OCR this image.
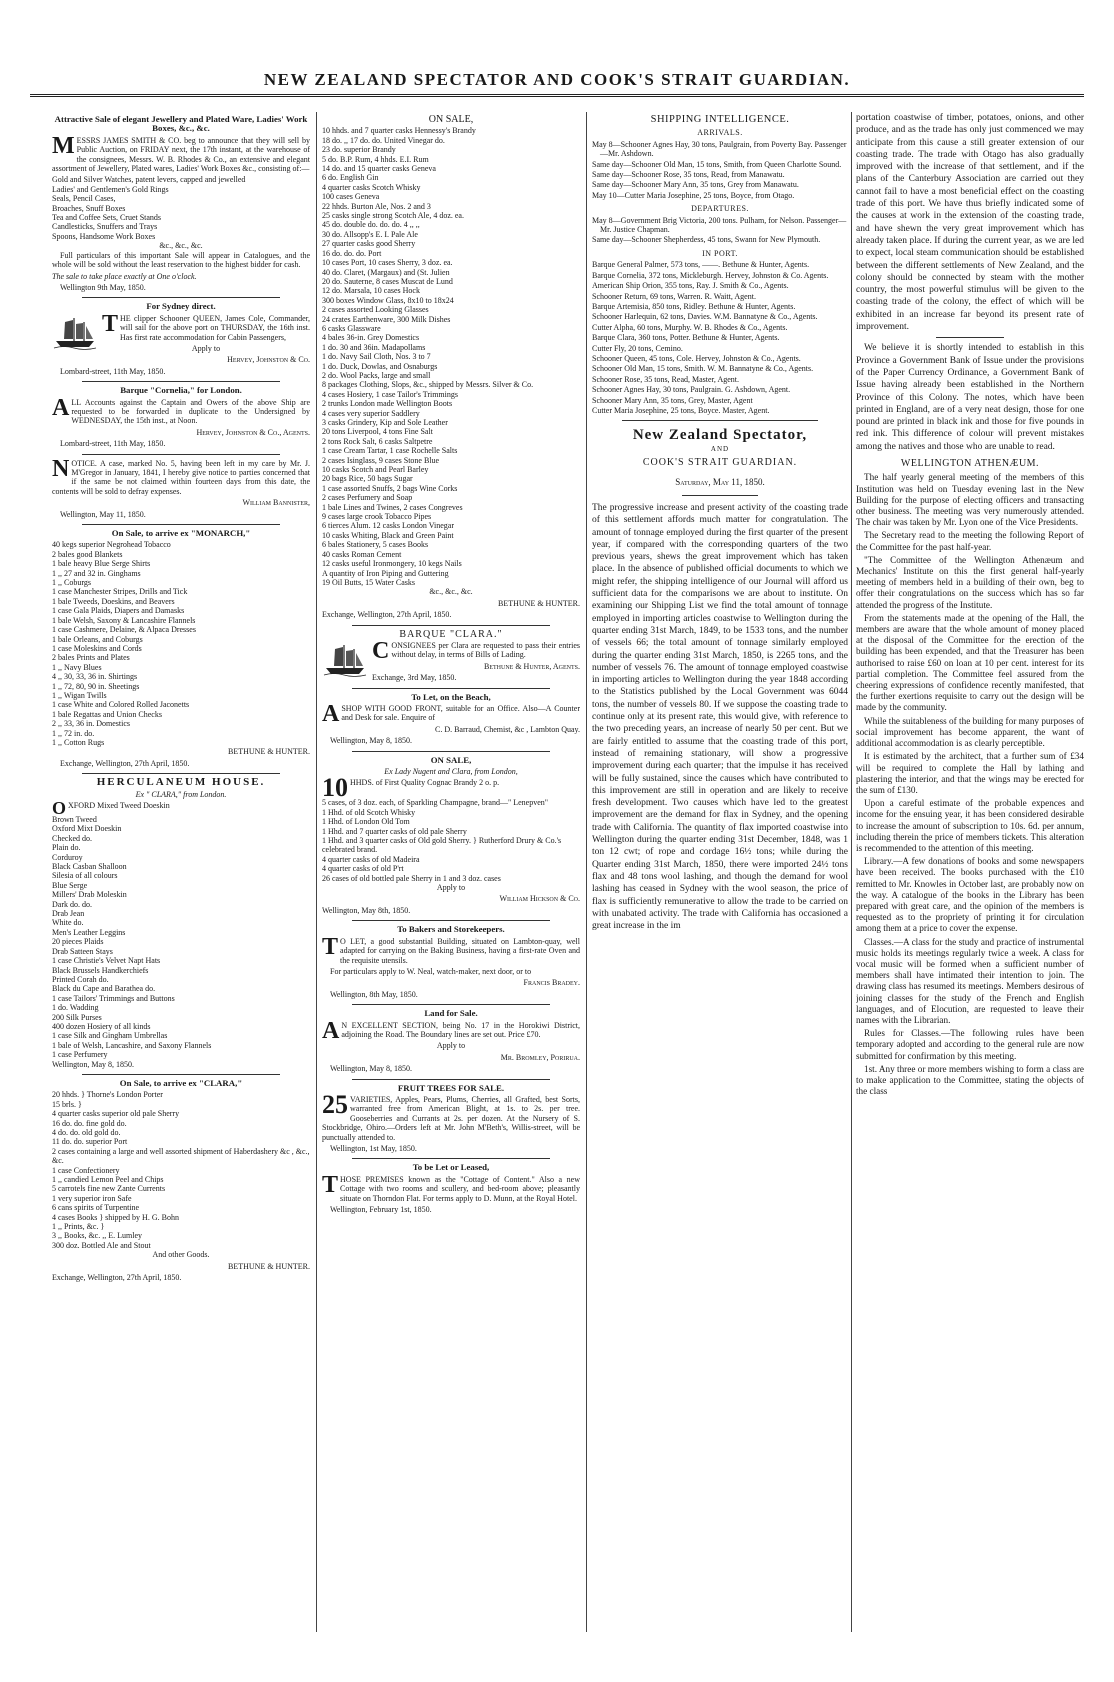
NEW ZEALAND SPECTATOR AND COOK'S STRAIT GUARDIAN.
Attractive Sale of elegant Jewellery and Plated Ware, Ladies' Work Boxes, &c., &c.

MESSRS JAMES SMITH & CO. beg to announce that they will sell by Public Auction, on FRIDAY next, the 17th instant, at the warehouse of the consignees, Messrs. W. B. Rhodes & Co., an extensive and elegant assortment of Jewellery, Plated wares, Ladies' Work Boxes &c., consisting of:—

Gold and Silver Watches, patent levers, capped and jewelled
Ladies' and Gentlemen's Gold Rings
Seals, Pencil Cases,
Broaches, Snuff Boxes
Tea and Coffee Sets, Cruet Stands
Candlesticks, Snuffers and Trays
Spoons, Handsome Work Boxes
&c., &c., &c.

Full particulars of this important Sale will appear in Catalogues, and the whole will be sold without the least reservation to the highest bidder for cash.

The sale to take place exactly at One o'clock.

Wellington 9th May, 1850.

For Sydney direct.

THE clipper Schooner QUEEN, James Cole, Commander, will sail for the above port on THURSDAY, the 16th inst. Has first rate accommodation for Cabin Passengers,

Apply to

Hervey, Johnston & Co.

Lombard-street, 11th May, 1850.

Barque "Cornelia," for London.

ALL Accounts against the Captain and Owers of the above Ship are requested to be forwarded in duplicate to the Undersigned by WEDNESDAY, the 15th inst., at Noon.

Hervey, Johnston & Co., Agents.

Lombard-street, 11th May, 1850.

NOTICE. A case, marked No. 5, having been left in my care by Mr. J. M'Gregor in January, 1841, I hereby give notice to parties concerned that if the same be not claimed within fourteen days from this date, the contents will be sold to defray expenses.

William Bannister,

Wellington, May 11, 1850.

On Sale, to arrive ex "MONARCH,"
40 kegs superior Negrohead Tobacco
2 bales good Blankets
1 bale heavy Blue Serge Shirts
1 ,, 27 and 32 in. Ginghams
1 ,, Coburgs
1 case Manchester Stripes, Drills and Tick
1 bale Tweeds, Doeskins, and Beavers
1 case Gala Plaids, Diapers and Damasks
1 bale Welsh, Saxony & Lancashire Flannels
1 case Cashmere, Delaine, & Alpaca Dresses
1 bale Orleans, and Coburgs
1 case Moleskins and Cords
2 bales Prints and Plates
1 ,, Navy Blues
4 ,, 30, 33, 36 in. Shirtings
1 ,, 72, 80, 90 in. Sheetings
1 ,, Wigan Twills
1 case White and Colored Rolled Jaconetts
1 bale Regattas and Union Checks
2 ,, 33, 36 in. Domestics
1 ,, 72 in. do.
1 ,, Cotton Rugs

BETHUNE & HUNTER.

Exchange, Wellington, 27th April, 1850.

HERCULANEUM HOUSE.
Ex " CLARA," from London.
OXFORD Mixed Tweed Doeskin
Brown Tweed
Oxford Mixt Doeskin
Checked do.
Plain do.
Corduroy
Black Casban Shalloon
Silesia of all colours
Blue Serge
Millers' Drab Moleskin
Dark do. do.
Drab Jean
White do.
Men's Leather Leggins
20 pieces Plaids
Drab Satteen Stays
1 case Christie's Velvet Napt Hats
Black Brussels Handkerchiefs
Printed Corah do.
Black du Cape and Barathea do.
1 case Tailors' Trimmings and Buttons
1 do. Wadding
200 Silk Purses
400 dozen Hosiery of all kinds
1 case Silk and Gingham Umbrellas
1 bale of Welsh, Lancashire, and Saxony Flannels
1 case Perfumery

Wellington, May 8, 1850.

On Sale, to arrive ex "CLARA,"
20 hhds. } Thorne's London Porter
15 brls. }
4 quarter casks superior old pale Sherry
16 do. do. fine gold do.
4 do. do. old gold do.
11 do. do. superior Port
2 cases containing a large and well assorted shipment of Haberdashery &c , &c., &c.
1 case Confectionery
1 ,, candied Lemon Peel and Chips
5 carrotels fine new Zante Currents
1 very superior iron Safe
6 cans spirits of Turpentine
4 cases Books } shipped by H. G. Bohn
1 ,, Prints, &c. }
3 ,, Books, &c. ,, E. Lumley
300 doz. Bottled Ale and Stout

And other Goods.

BETHUNE & HUNTER.

Exchange, Wellington, 27th April, 1850.

ON SALE,
10 hhds. and 7 quarter casks Hennessy's Brandy
18 do. ,, 17 do. do. United Vinegar do.
23 do. superior Brandy
5 do. B.P. Rum, 4 hhds. E.I. Rum
14 do. and 15 quarter casks Geneva
6 do. English Gin
4 quarter casks Scotch Whisky
100 cases Geneva
22 hhds. Burton Ale, Nos. 2 and 3
25 casks single strong Scotch Ale, 4 doz. ea.
45 do. double do. do. do. 4 ,, ,,
30 do. Allsopp's E. I. Pale Ale
27 quarter casks good Sherry
16 do. do. do. Port
10 cases Port, 10 cases Sherry, 3 doz. ea.
40 do. Claret, (Margaux) and (St. Julien
20 do. Sauterne, 8 cases Muscat de Lund
12 do. Marsala, 10 cases Hock
300 boxes Window Glass, 8x10 to 18x24
2 cases assorted Looking Glasses
24 crates Earthenware, 300 Milk Dishes
6 casks Glassware
4 bales 36-in. Grey Domestics
1 do. 30 and 36in. Madapollams
1 do. Navy Sail Cloth, Nos. 3 to 7
1 do. Duck, Dowlas, and Osnaburgs
2 do. Wool Packs, large and small
8 packages Clothing, Slops, &c., shipped by Messrs. Silver & Co.
4 cases Hosiery, 1 case Tailor's Trimmings
2 trunks London made Wellington Boots
4 cases very superior Saddlery
3 casks Grindery, Kip and Sole Leather
20 tons Liverpool, 4 tons Fine Salt
2 tons Rock Salt, 6 casks Saltpetre
1 case Cream Tartar, 1 case Rochelle Salts
2 cases Isinglass, 9 cases Stone Blue
10 casks Scotch and Pearl Barley
20 bags Rice, 50 bags Sugar
1 case assorted Snuffs, 2 bags Wine Corks
2 cases Perfumery and Soap
1 bale Lines and Twines, 2 cases Congreves
9 cases large crook Tobacco Pipes
6 tierces Alum. 12 casks London Vinegar
10 casks Whiting, Black and Green Paint
6 bales Stationery, 5 cases Books
40 casks Roman Cement
12 casks useful Ironmongery, 10 kegs Nails
A quantity of Iron Piping and Guttering
19 Oil Butts, 15 Water Casks

&c., &c., &c.

BETHUNE & HUNTER.

Exchange, Wellington, 27th April, 1850.

BARQUE "CLARA."

CONSIGNEES per Clara are requested to pass their entries without delay, in terms of Bills of Lading.

Bethune & Hunter, Agents.

Exchange, 3rd May, 1850.

To Let, on the Beach,

ASHOP WITH GOOD FRONT, suitable for an Office. Also—A Counter and Desk for sale. Enquire of

C. D. Barraud, Chemist, &c , Lambton Quay.

Wellington, May 8, 1850.

ON SALE,
Ex Lady Nugent and Clara, from London,

10 HHDS. of First Quality Cognac Brandy 2 o. p.

5 cases, of 3 doz. each, of Sparkling Champagne, brand—" Lenepven"
1 Hhd. of old Scotch Whisky
1 Hhd. of London Old Tom
1 Hhd. and 7 quarter casks of old pale Sherry
1 Hhd. and 3 quarter casks of Old gold Sherry. } Rutherford Drury & Co.'s celebrated brand.
4 quarter casks of old Madeira
4 quarter casks of old P'rt
26 cases of old bottled pale Sherry in 1 and 3 doz. cases

Apply to

William Hickson & Co.

Wellington, May 8th, 1850.

To Bakers and Storekeepers.

T O LET, a good substantial Building, situated on Lambton-quay, well adapted for carrying on the Baking Business, having a first-rate Oven and the requisite utensils.

For particulars apply to W. Neal, watch-maker, next door, or to

Francis Bradey.

Wellington, 8th May, 1850.

Land for Sale.

A N EXCELLENT SECTION, being No. 17 in the Horokiwi District, adjoining the Road. The Boundary lines are set out. Price £70.

Apply to

Mr. Bromley, Porirua.

Wellington, May 8, 1850.

FRUIT TREES FOR SALE.

25 VARIETIES, Apples, Pears, Plums, Cherries, all Grafted, best Sorts, warranted free from American Blight, at 1s. to 2s. per tree. Gooseberries and Currants at 2s. per dozen. At the Nursery of S. Stockbridge, Ohiro.—Orders left at Mr. John M'Beth's, Willis-street, will be punctually attended to.

Wellington, 1st May, 1850.

To be Let or Leased,

THOSE PREMISES known as the "Cottage of Content." Also a new Cottage with two rooms and scullery, and bed-room above; pleasantly situate on Thorndon Flat. For terms apply to D. Munn, at the Royal Hotel.

Wellington, February 1st, 1850.

SHIPPING INTELLIGENCE.
ARRIVALS.
May 8—Schooner Agnes Hay, 30 tons, Paulgrain, from Poverty Bay. Passenger—Mr. Ashdown.
Same day—Schooner Old Man, 15 tons, Smith, from Queen Charlotte Sound.
Same day—Schooner Rose, 35 tons, Read, from Manawatu.
Same day—Schooner Mary Ann, 35 tons, Grey from Manawatu.
May 10—Cutter Maria Josephine, 25 tons, Boyce, from Otago.
DEPARTURES.
May 8—Government Brig Victoria, 200 tons. Pulham, for Nelson. Passenger—Mr. Justice Chapman.
Same day—Schooner Shepherdess, 45 tons, Swann for New Plymouth.
IN PORT.
Barque General Palmer, 573 tons, ——. Bethune & Hunter, Agents.
Barque Cornelia, 372 tons, Mickleburgh. Hervey, Johnston & Co. Agents.
American Ship Orion, 355 tons, Ray. J. Smith & Co., Agents.
Schooner Return, 69 tons, Warren. R. Waitt, Agent.
Barque Artemisia, 850 tons, Ridley. Bethune & Hunter, Agents.
Schooner Harlequin, 62 tons, Davies. W.M. Bannatyne & Co., Agents.
Cutter Alpha, 60 tons, Murphy. W. B. Rhodes & Co., Agents.
Barque Clara, 360 tons, Potter. Bethune & Hunter, Agents.
Cutter Fly, 20 tons, Cemino.
Schooner Queen, 45 tons, Cole. Hervey, Johnston & Co., Agents.
Schooner Old Man, 15 tons, Smith. W. M. Bannatyne & Co., Agents.
Schooner Rose, 35 tons, Read, Master, Agent.
Schooner Agnes Hay, 30 tons, Paulgrain. G. Ashdown, Agent.
Schooner Mary Ann, 35 tons, Grey, Master, Agent
Cutter Maria Josephine, 25 tons, Boyce. Master, Agent.
New Zealand Spectator,
AND
COOK'S STRAIT GUARDIAN.
Saturday, May 11, 1850.

The progressive increase and present activity of the coasting trade of this settlement affords much matter for congratulation. The amount of tonnage employed during the first quarter of the present year, if compared with the corresponding quarters of the two previous years, shews the great improvement which has taken place. In the absence of published official documents to which we might refer, the shipping intelligence of our Journal will afford us sufficient data for the comparisons we are about to institute. On examining our Shipping List we find the total amount of tonnage employed in importing articles coastwise to Wellington during the quarter ending 31st March, 1849, to be 1533 tons, and the number of vessels 66; the total amount of tonnage similarly employed during the quarter ending 31st March, 1850, is 2265 tons, and the number of vessels 76. The amount of tonnage employed coastwise in importing articles to Wellington during the year 1848 according to the Statistics published by the Local Government was 6044 tons, the number of vessels 80. If we suppose the coasting trade to continue only at its present rate, this would give, with reference to the two preceding years, an increase of nearly 50 per cent. But we are fairly entitled to assume that the coasting trade of this port, instead of remaining stationary, will show a progressive improvement during each quarter; that the impulse it has received will be fully sustained, since the causes which have contributed to this improvement are still in operation and are likely to receive fresh development. Two causes which have led to the greatest improvement are the demand for flax in Sydney, and the opening trade with California. The quantity of flax imported coastwise into Wellington during the quarter ending 31st December, 1848, was 1 ton 12 cwt; of rope and cordage 16½ tons; while during the Quarter ending 31st March, 1850, there were imported 24½ tons flax and 48 tons wool lashing, and though the demand for wool lashing has ceased in Sydney with the wool season, the price of flax is sufficiently remunerative to allow the trade to be carried on with unabated activity. The trade with California has occasioned a great increase in the im

portation coastwise of timber, potatoes, onions, and other produce, and as the trade has only just commenced we may anticipate from this cause a still greater extension of our coasting trade. The trade with Otago has also gradually improved with the increase of that settlement, and if the plans of the Canterbury Association are carried out they cannot fail to have a most beneficial effect on the coasting trade of this port. We have thus briefly indicated some of the causes at work in the extension of the coasting trade, and have shewn the very great improvement which has already taken place. If during the current year, as we are led to expect, local steam communication should be established between the different settlements of New Zealand, and the colony should be connected by steam with the mother country, the most powerful stimulus will be given to the coasting trade of the colony, the effect of which will be exhibited in an increase far beyond its present rate of improvement.

We believe it is shortly intended to establish in this Province a Government Bank of Issue under the provisions of the Paper Currency Ordinance, a Government Bank of Issue having already been established in the Northern Province of this Colony. The notes, which have been printed in England, are of a very neat design, those for one pound are printed in black ink and those for five pounds in red ink. This difference of colour will prevent mistakes among the natives and those who are unable to read.

WELLINGTON ATHENÆUM.

The half yearly general meeting of the members of this Institution was held on Tuesday evening last in the New Building for the purpose of electing officers and transacting other business. The meeting was very numerously attended. The chair was taken by Mr. Lyon one of the Vice Presidents.

The Secretary read to the meeting the following Report of the Committee for the past half-year.

"The Committee of the Wellington Athenæum and Mechanics' Institute on this the first general half-yearly meeting of members held in a building of their own, beg to offer their congratulations on the success which has so far attended the progress of the Institute.

From the statements made at the opening of the Hall, the members are aware that the whole amount of money placed at the disposal of the Committee for the erection of the building has been expended, and that the Treasurer has been authorised to raise £60 on loan at 10 per cent. interest for its partial completion. The Committee feel assured from the cheering expressions of confidence recently manifested, that the further exertions requisite to carry out the design will be made by the community.

While the suitableness of the building for many purposes of social improvement has become apparent, the want of additional accommodation is as clearly perceptible.

It is estimated by the architect, that a further sum of £34 will be required to complete the Hall by lathing and plastering the interior, and that the wings may be erected for the sum of £130.

Upon a careful estimate of the probable expences and income for the ensuing year, it has been considered desirable to increase the amount of subscription to 10s. 6d. per annum, including therein the price of members tickets. This alteration is recommended to the attention of this meeting.

Library.—A few donations of books and some newspapers have been received. The books purchased with the £10 remitted to Mr. Knowles in October last, are probably now on the way. A catalogue of the books in the Library has been prepared with great care, and the opinion of the members is requested as to the propriety of printing it for circulation among them at a price to cover the expense.

Classes.—A class for the study and practice of instrumental music holds its meetings regularly twice a week. A class for vocal music will be formed when a sufficient number of members shall have intimated their intention to join. The drawing class has resumed its meetings. Members desirous of joining classes for the study of the French and English languages, and of Elocution, are requested to leave their names with the Librarian.

Rules for Classes.—The following rules have been temporary adopted and according to the general rule are now submitted for confirmation by this meeting.

1st. Any three or more members wishing to form a class are to make application to the Committee, stating the objects of the class
